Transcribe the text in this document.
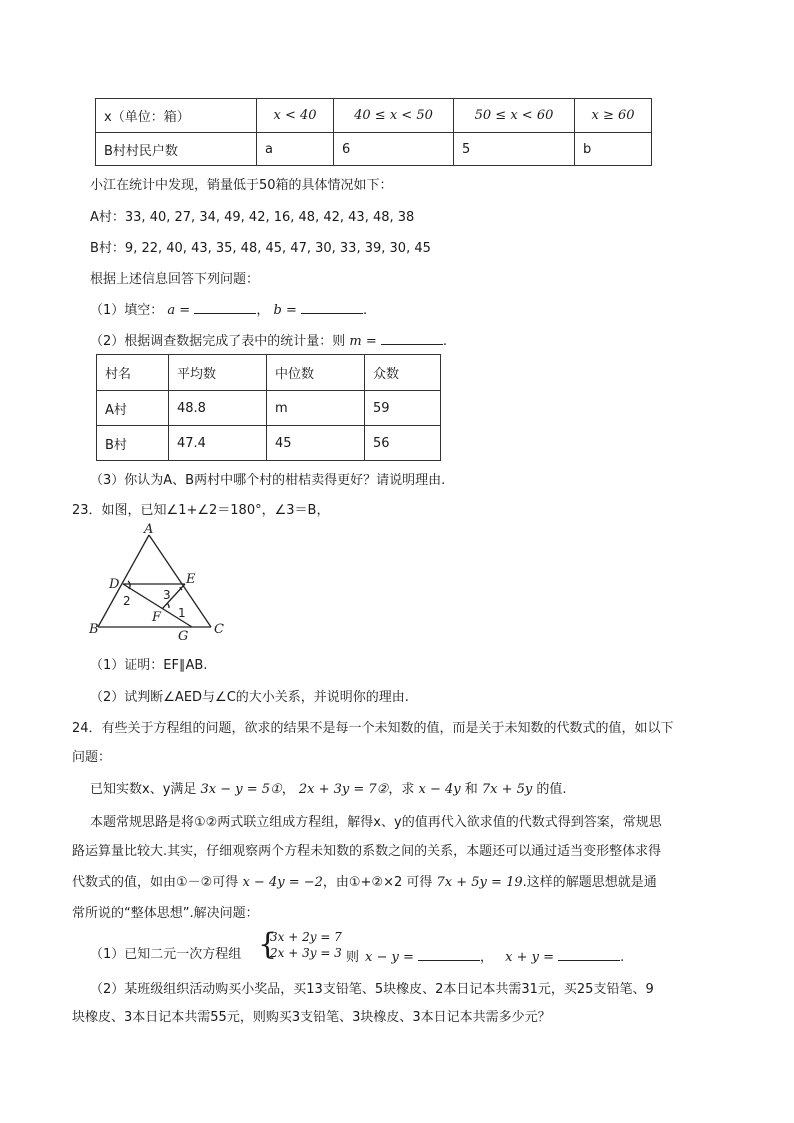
x（单位：箱）	x < 40	40 ≤ x < 50	50 ≤ x < 60	x ≥ 60
B村村民户数	a	6	5	b
小江在统计中发现，销量低于50箱的具体情况如下：
A村：33, 40, 27, 34, 49, 42, 16, 48, 42, 43, 48, 38
B村：9, 22, 40, 43, 35, 48, 45, 47, 30, 33, 39, 30, 45
根据上述信息回答下列问题：
（1）填空： a =	， b =	.
（2）根据调查数据完成了表中的统计量：则 m =	.
村名	平均数	中位数	众数
A村	48.8	m	59
B村	47.4	45	56
（3）你认为A、B两村中哪个村的柑桔卖得更好？请说明理由.
23．如图，已知∠1+∠2＝180°，∠3＝B，
A
B	C
D	E
F
G
2	3
1
（1）证明：EF∥AB.
（2）试判断∠AED与∠C的大小关系，并说明你的理由.
24．有些关于方程组的问题，欲求的结果不是每一个未知数的值，而是关于未知数的代数式的值，如以下
问题：
已知实数x、y满足 3x − y = 5①， 2x + 3y = 7②，求 x − 4y 和 7x + 5y 的值.
本题常规思路是将①②两式联立组成方程组，解得x、y的值再代入欲求值的代数式得到答案，常规思
路运算量比较大.其实，仔细观察两个方程未知数的系数之间的关系，本题还可以通过适当变形整体求得
代数式的值，如由①－②可得 x − 4y = −2，由①+②×2 可得 7x + 5y = 19.这样的解题思想就是通
常所说的“整体思想”.解决问题：
（1）已知二元一次方程组 {
3x + 2y = 7
2x + 3y = 3 则 x − y =	， x + y =	.
（2）某班级组织活动购买小奖品，买13支铅笔、5块橡皮、2本日记本共需31元，买25支铅笔、9
块橡皮、3本日记本共需55元，则购买3支铅笔、3块橡皮、3本日记本共需多少元？
